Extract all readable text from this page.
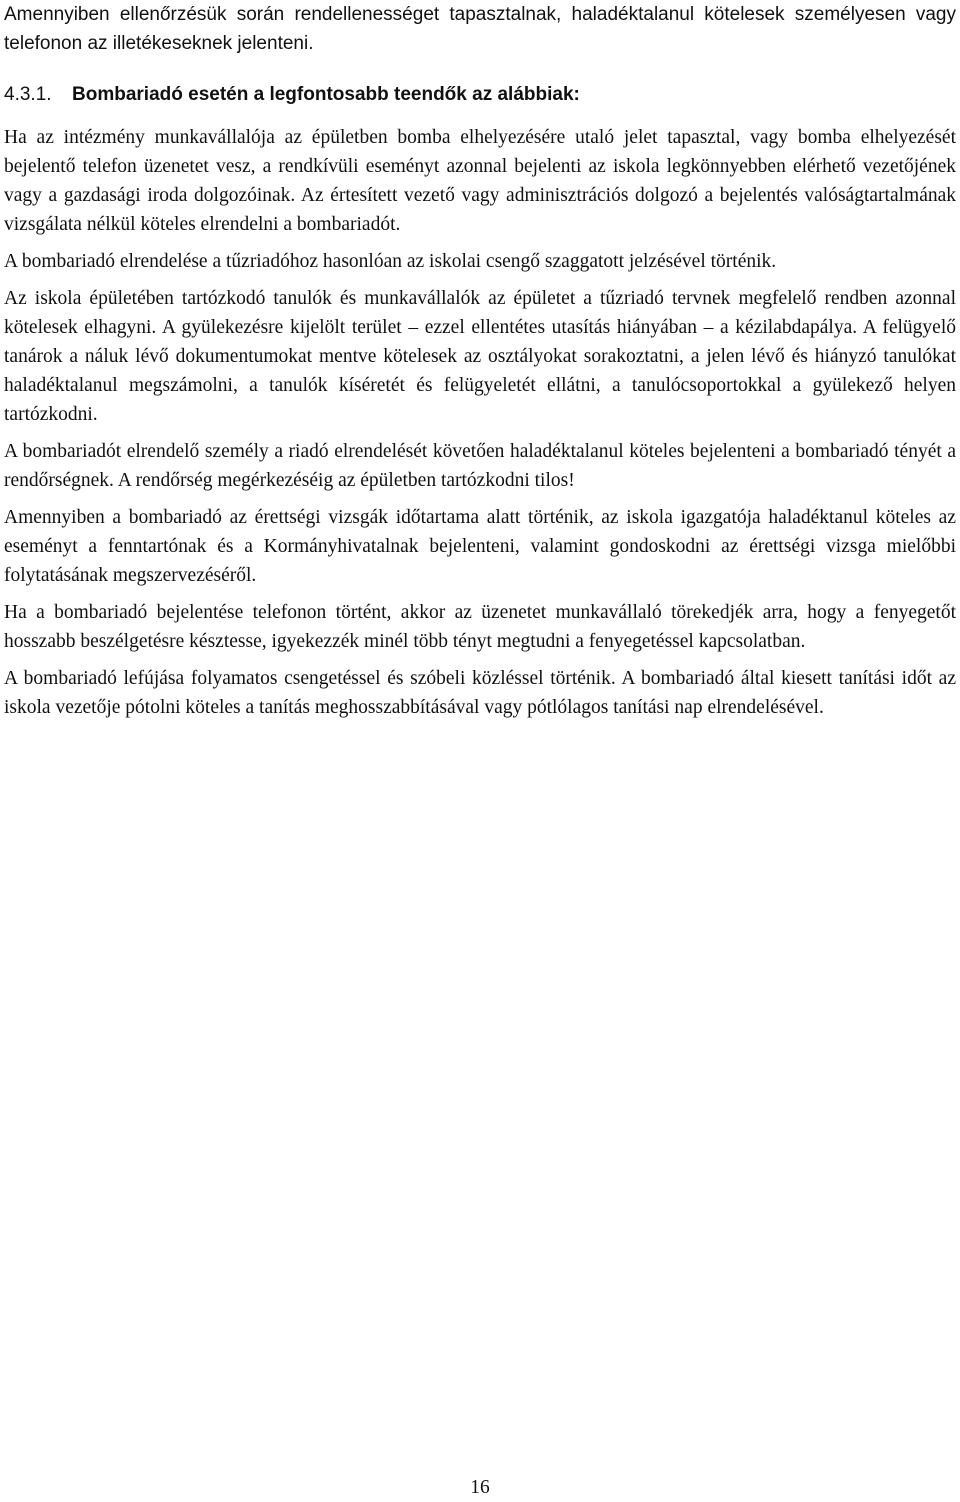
Amennyiben ellenőrzésük során rendellenességet tapasztalnak, haladéktalanul kötelesek személyesen vagy telefonon az illetékeseknek jelenteni.

4.3.1. Bombariadó esetén a legfontosabb teendők az alábbiak:

Ha az intézmény munkavállalója az épületben bomba elhelyezésére utaló jelet tapasztal, vagy bomba elhelyezését bejelentő telefon üzenetet vesz, a rendkívüli eseményt azonnal bejelenti az iskola legkönnyebben elérhető vezetőjének vagy a gazdasági iroda dolgozóinak. Az értesített vezető vagy adminisztrációs dolgozó a bejelentés valóságtartalmának vizsgálata nélkül köteles elrendelni a bombariadót.

A bombariadó elrendelése a tűzriadóhoz hasonlóan az iskolai csengő szaggatott jelzésével történik.

Az iskola épületében tartózkodó tanulók és munkavállalók az épületet a tűzriadó tervnek megfelelő rendben azonnal kötelesek elhagyni. A gyülekezésre kijelölt terület – ezzel ellentétes utasítás hiányában – a kézilabdapálya. A felügyelő tanárok a náluk lévő dokumentumokat mentve kötelesek az osztályokat sorakoztatni, a jelen lévő és hiányzó tanulókat haladéktalanul megszámolni, a tanulók kíséretét és felügyeletét ellátni, a tanulócsoportokkal a gyülekező helyen tartózkodni.

A bombariadót elrendelő személy a riadó elrendelését követően haladéktalanul köteles bejelenteni a bombariadó tényét a rendőrségnek. A rendőrség megérkezéséig az épületben tartózkodni tilos!

Amennyiben a bombariadó az érettségi vizsgák időtartama alatt történik, az iskola igazgatója haladéktanul köteles az eseményt a fenntartónak és a Kormányhivatalnak bejelenteni, valamint gondoskodni az érettségi vizsga mielőbbi folytatásának megszervezéséről.

Ha a bombariadó bejelentése telefonon történt, akkor az üzenetet munkavállaló törekedjék arra, hogy a fenyegetőt hosszabb beszélgetésre késztesse, igyekezzék minél több tényt megtudni a fenyegetéssel kapcsolatban.

A bombariadó lefújása folyamatos csengetéssel és szóbeli közléssel történik. A bombariadó által kiesett tanítási időt az iskola vezetője pótolni köteles a tanítás meghosszabbításával vagy pótlólagos tanítási nap elrendelésével.

16
